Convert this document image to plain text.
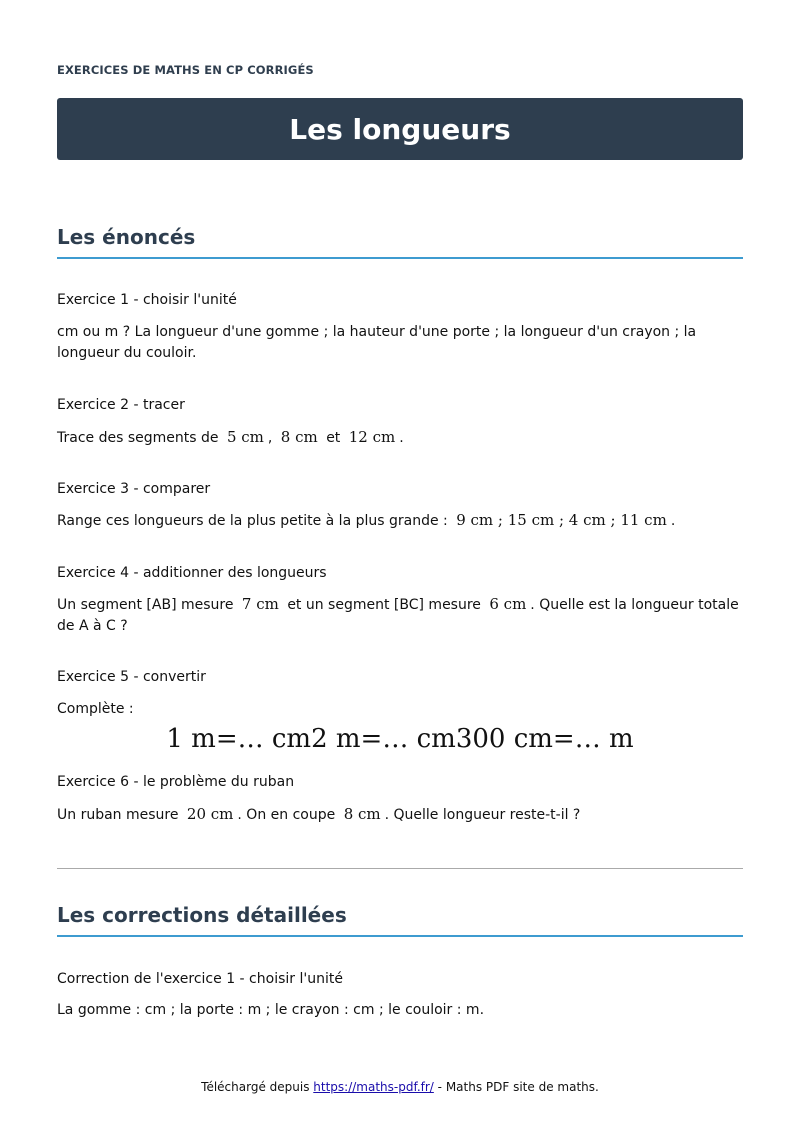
EXERCICES DE MATHS EN CP CORRIGÉS
Les longueurs
Les énoncés
Exercice 1 - choisir l'unité
cm ou m ? La longueur d'une gomme ; la hauteur d'une porte ; la longueur d'un crayon ; la longueur du couloir.
Exercice 2 - tracer
Trace des segments de 5 cm , 8 cm et 12 cm .
Exercice 3 - comparer
Range ces longueurs de la plus petite à la plus grande : 9 cm ; 15 cm ; 4 cm ; 11 cm .
Exercice 4 - additionner des longueurs
Un segment [AB] mesure 7 cm et un segment [BC] mesure 6 cm . Quelle est la longueur totale de A à C ?
Exercice 5 - convertir
Complète :
1 m=… cm2 m=… cm300 cm=… m
Exercice 6 - le problème du ruban
Un ruban mesure 20 cm . On en coupe 8 cm . Quelle longueur reste-t-il ?
Les corrections détaillées
Correction de l'exercice 1 - choisir l'unité
La gomme : cm ; la porte : m ; le crayon : cm ; le couloir : m.
Téléchargé depuis https://maths-pdf.fr/ - Maths PDF site de maths.
